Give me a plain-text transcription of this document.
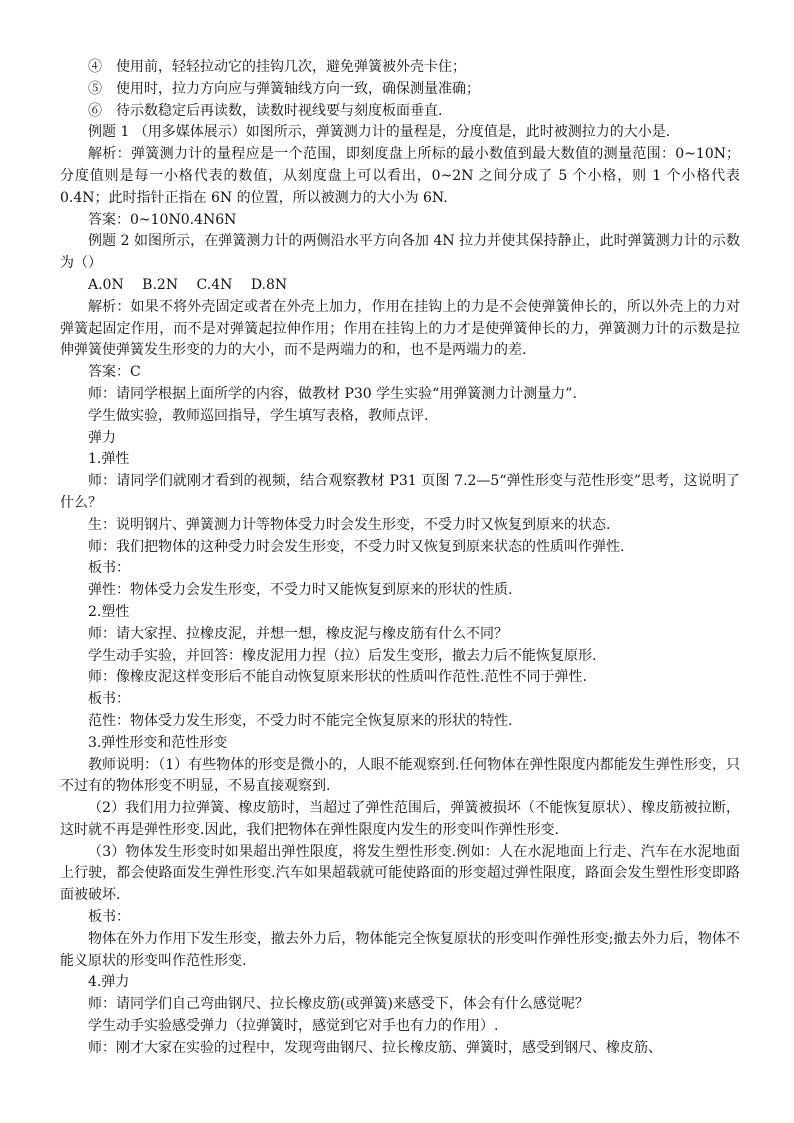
④　使用前，轻轻拉动它的挂钩几次，避免弹簧被外壳卡住；

⑤　使用时，拉力方向应与弹簧轴线方向一致，确保测量准确；

⑥　待示数稳定后再读数，读数时视线要与刻度板面垂直.

例题 1 （用多媒体展示）如图所示，弹簧测力计的量程是，分度值是，此时被测拉力的大小是.

解析：弹簧测力计的量程应是一个范围，即刻度盘上所标的最小数值到最大数值的测量范围：0~10N；分度值则是每一小格代表的数值，从刻度盘上可以看出，0~2N 之间分成了 5 个小格，则 1 个小格代表 0.4N；此时指针正指在 6N 的位置，所以被测力的大小为 6N.

答案：0~10N0.4N6N

例题 2 如图所示，在弹簧测力计的两侧沿水平方向各加 4N 拉力并使其保持静止，此时弹簧测力计的示数为（）

A.0N B.2N C.4N D.8N

解析：如果不将外壳固定或者在外壳上加力，作用在挂钩上的力是不会使弹簧伸长的，所以外壳上的力对弹簧起固定作用，而不是对弹簧起拉伸作用；作用在挂钩上的力才是使弹簧伸长的力，弹簧测力计的示数是拉伸弹簧使弹簧发生形变的力的大小，而不是两端力的和，也不是两端力的差.

答案：C

师：请同学根据上面所学的内容，做教材 P30 学生实验“用弹簧测力计测量力”.

学生做实验，教师巡回指导，学生填写表格，教师点评.

弹力

1.弹性

师：请同学们就刚才看到的视频，结合观察教材 P31 页图 7.2—5“弹性形变与范性形变”思考，这说明了什么？

生：说明钢片、弹簧测力计等物体受力时会发生形变，不受力时又恢复到原来的状态.

师：我们把物体的这种受力时会发生形变，不受力时又恢复到原来状态的性质叫作弹性.

板书：

弹性：物体受力会发生形变，不受力时又能恢复到原来的形状的性质.

2.塑性

师：请大家捏、拉橡皮泥，并想一想，橡皮泥与橡皮筋有什么不同？

学生动手实验，并回答：橡皮泥用力捏（拉）后发生变形，撤去力后不能恢复原形.

师：像橡皮泥这样变形后不能自动恢复原来形状的性质叫作范性.范性不同于弹性.

板书：

范性：物体受力发生形变，不受力时不能完全恢复原来的形状的特性.

3.弹性形变和范性形变

教师说明：（1）有些物体的形变是微小的，人眼不能观察到.任何物体在弹性限度内都能发生弹性形变，只不过有的物体形变不明显，不易直接观察到.

（2）我们用力拉弹簧、橡皮筋时，当超过了弹性范围后，弹簧被损坏（不能恢复原状）、橡皮筋被拉断，这时就不再是弹性形变.因此，我们把物体在弹性限度内发生的形变叫作弹性形变.

（3）物体发生形变时如果超出弹性限度，将发生塑性形变.例如：人在水泥地面上行走、汽车在水泥地面上行驶，都会使路面发生弹性形变.汽车如果超载就可能使路面的形变超过弹性限度，路面会发生塑性形变即路面被破坏.

板书：

物体在外力作用下发生形变，撤去外力后，物体能完全恢复原状的形变叫作弹性形变;撤去外力后，物体不能义原状的形变叫作范性形变.

4.弹力

师：请同学们自己弯曲钢尺、拉长橡皮筋(或弹簧)来感受下，体会有什么感觉呢？

学生动手实验感受弹力（拉弹簧时，感觉到它对手也有力的作用）.

师：刚才大家在实验的过程中，发现弯曲钢尺、拉长橡皮筋、弹簧时，感受到钢尺、橡皮筋、
